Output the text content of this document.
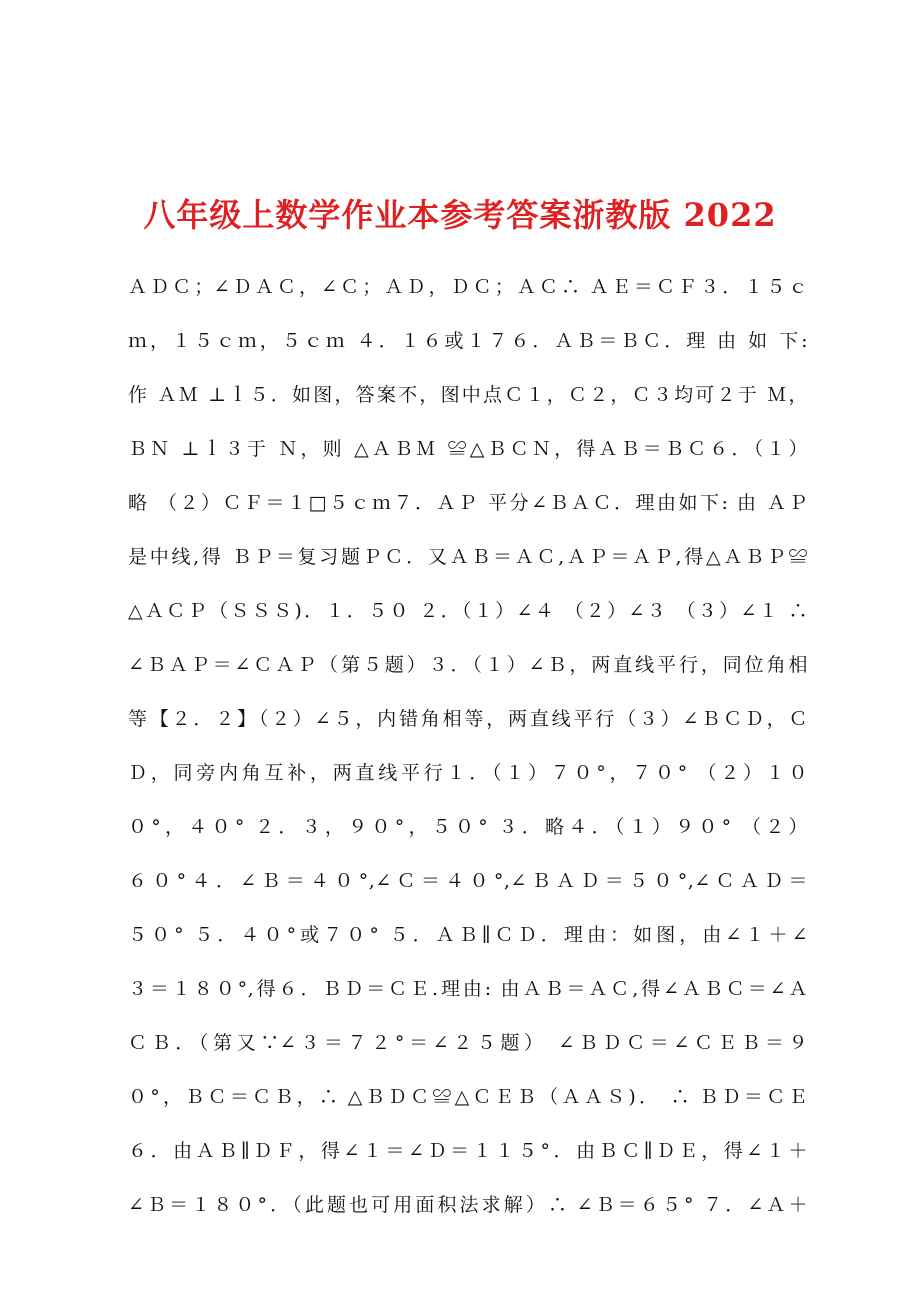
八年级上数学作业本参考答案浙教版 2022
ＡＤＣ；∠ＤＡＣ，∠Ｃ；ＡＤ，ＤＣ；ＡＣ∴ ＡＥ＝ＣＦ３．１５ｃ
ｍ，１５ｃｍ，５ｃｍ ４．１６或１７６．ＡＢ＝ＢＣ．理 由 如 下:
作 ＡＭ ⊥ｌ５．如图，答案不，图中点Ｃ１，Ｃ２，Ｃ３均可２于 Ｍ，
ＢＮ ⊥ｌ３于 Ｎ，则 △ＡＢＭ ≌△ＢＣＮ，得ＡＢ＝ＢＣ６．（１）
略 （２）ＣＦ＝１□５ｃｍ７．ＡＰ 平分∠ＢＡＣ．理由如下: 由 ＡＰ
是中线,得 ＢＰ＝复习题ＰＣ．又ＡＢ＝ＡＣ,ＡＰ＝ＡＰ,得△ＡＢＰ≌
△ＡＣＰ（ＳＳＳ)．１．５０ ２．（１）∠４ （２）∠３ （３）∠１ ∴
∠ＢＡＰ＝∠ＣＡＰ（第５题）３．（１）∠Ｂ，两直线平行，同位角相
等【２．２】（２）∠５，内错角相等，两直线平行（３）∠ＢＣＤ，Ｃ
Ｄ，同旁内角互补，两直线平行１．（１）７０°，７０° （２）１０
０°，４０° ２．３，９０°，５０° ３．略４．（１）９０° （２）
６０°４．∠Ｂ＝４０°,∠Ｃ＝４０°,∠ＢＡＤ＝５０°,∠ＣＡＤ＝
５０° ５．４０°或７０° ５．ＡＢ∥ＣＤ．理由：如图，由∠１＋∠
３＝１８０°,得６．ＢＤ＝ＣＥ.理由: 由ＡＢ＝ＡＣ,得∠ＡＢＣ＝∠Ａ
ＣＢ．（第又∵∠３＝７２°＝∠２５题） ∠ＢＤＣ＝∠ＣＥＢ＝９
０°，ＢＣ＝ＣＢ，∴ △ＢＤＣ≌△ＣＥＢ（ＡＡＳ)． ∴ ＢＤ＝ＣＥ
６．由ＡＢ∥ＤＦ，得∠１＝∠Ｄ＝１１５°．由ＢＣ∥ＤＥ，得∠１＋
∠Ｂ＝１８０°．（此题也可用面积法求解）∴ ∠Ｂ＝６５° ７．∠Ａ＋
